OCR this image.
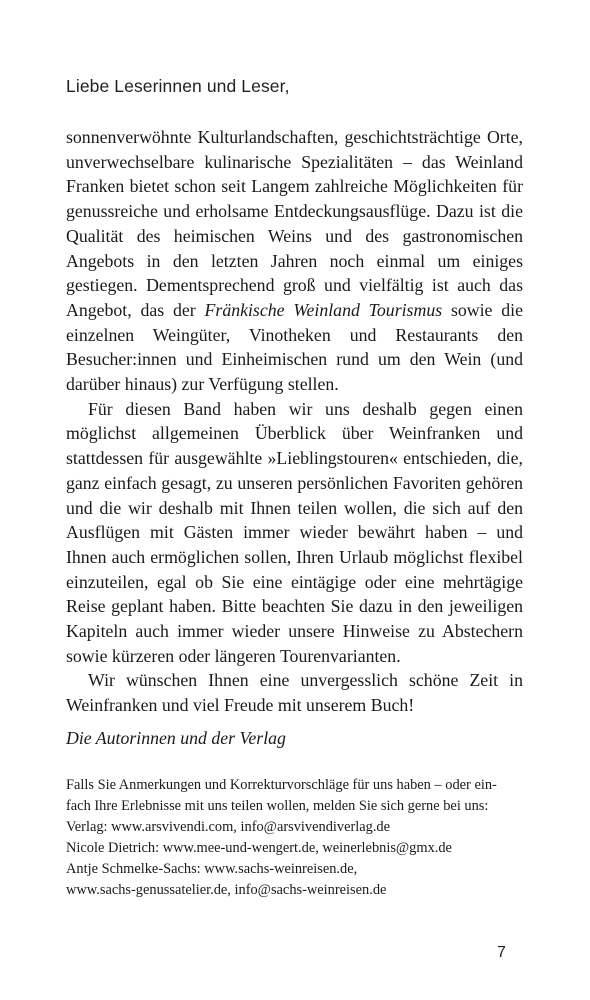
Liebe Leserinnen und Leser,

sonnenverwöhnte Kulturlandschaften, geschichtsträchtige Orte, unverwechselbare kulinarische Spezialitäten – das Weinland Franken bietet schon seit Langem zahlreiche Möglichkeiten für genussreiche und erholsame Entdeckungsausflüge. Dazu ist die Qualität des heimischen Weins und des gastronomischen Angebots in den letzten Jahren noch einmal um einiges gestiegen. Dementsprechend groß und vielfältig ist auch das Angebot, das der Fränkische Weinland Tourismus sowie die einzelnen Weingüter, Vinotheken und Restaurants den Besucher:innen und Einheimischen rund um den Wein (und darüber hinaus) zur Verfügung stellen.

Für diesen Band haben wir uns deshalb gegen einen möglichst allgemeinen Überblick über Weinfranken und stattdessen für ausgewählte »Lieblingstouren« entschieden, die, ganz einfach gesagt, zu unseren persönlichen Favoriten gehören und die wir deshalb mit Ihnen teilen wollen, die sich auf den Ausflügen mit Gästen immer wieder bewährt haben – und Ihnen auch ermöglichen sollen, Ihren Urlaub möglichst flexibel einzuteilen, egal ob Sie eine eintägige oder eine mehrtägige Reise geplant haben. Bitte beachten Sie dazu in den jeweiligen Kapiteln auch immer wieder unsere Hinweise zu Abstechern sowie kürzeren oder längeren Tourenvarianten.

Wir wünschen Ihnen eine unvergesslich schöne Zeit in Weinfranken und viel Freude mit unserem Buch!

Die Autorinnen und der Verlag
Falls Sie Anmerkungen und Korrekturvorschläge für uns haben – oder ein-
fach Ihre Erlebnisse mit uns teilen wollen, melden Sie sich gerne bei uns:
Verlag: www.arsvivendi.com, info@arsvivendiverlag.de
Nicole Dietrich: www.mee-und-wengert.de, weinerlebnis@gmx.de
Antje Schmelke-Sachs: www.sachs-weinreisen.de,
www.sachs-genussatelier.de, info@sachs-weinreisen.de
7
